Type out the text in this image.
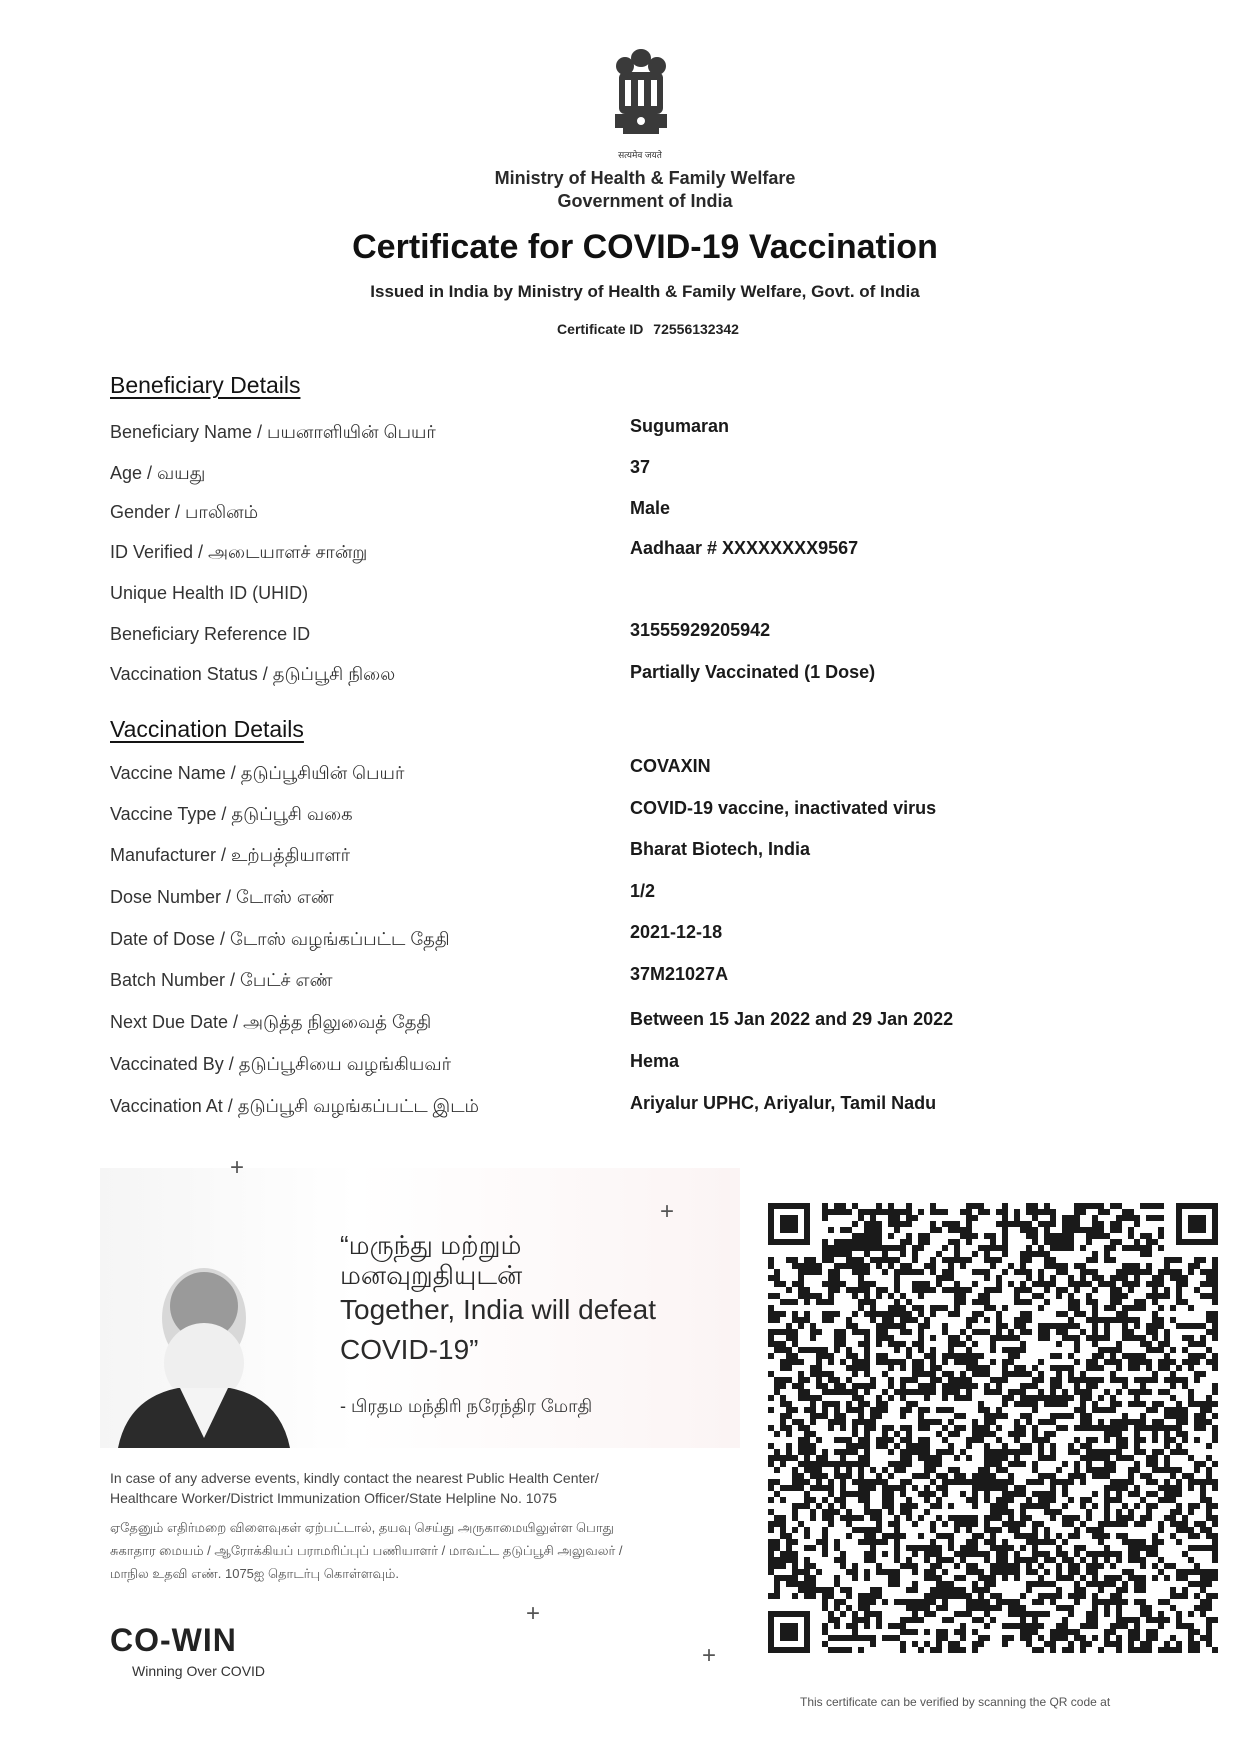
सत्यमेव जयते
Ministry of Health & Family Welfare
Government of India
Certificate for COVID-19 Vaccination
Issued in India by Ministry of Health & Family Welfare, Govt. of India
Certificate ID 72556132342
Beneficiary Details
Beneficiary Name / பயனாளியின் பெயர்	Sugumaran
Age / வயது	37
Gender / பாலினம்	Male
ID Verified / அடையாளச் சான்று	Aadhaar # XXXXXXXX9567
Unique Health ID (UHID)
Beneficiary Reference ID	31555929205942
Vaccination Status / தடுப்பூசி நிலை	Partially Vaccinated (1 Dose)
Vaccination Details
Vaccine Name / தடுப்பூசியின் பெயர்	COVAXIN
Vaccine Type / தடுப்பூசி வகை	COVID-19 vaccine, inactivated virus
Manufacturer / உற்பத்தியாளர்	Bharat Biotech, India
Dose Number / டோஸ் எண்	1/2
Date of Dose / டோஸ் வழங்கப்பட்ட தேதி	2021-12-18
Batch Number / பேட்ச் எண்	37M21027A
Next Due Date / அடுத்த நிலுவைத் தேதி	Between 15 Jan 2022 and 29 Jan 2022
Vaccinated By / தடுப்பூசியை வழங்கியவர்	Hema
Vaccination At / தடுப்பூசி வழங்கப்பட்ட இடம்	Ariyalur UPHC, Ariyalur, Tamil Nadu
“மருந்து மற்றும்
மனவுறுதியுடன்
Together, India will defeat
COVID-19”
- பிரதம மந்திரி நரேந்திர மோதி
+
+
+
+
In case of any adverse events, kindly contact the nearest Public Health Center/
Healthcare Worker/District Immunization Officer/State Helpline No. 1075
ஏதேனும் எதிர்மறை விளைவுகள் ஏற்பட்டால், தயவு செய்து அருகாமையிலுள்ள பொது
சுகாதார மையம் / ஆரோக்கியப் பராமரிப்புப் பணியாளர் / மாவட்ட தடுப்பூசி அலுவலர் /
மாநில உதவி எண். 1075ஐ தொடர்பு கொள்ளவும்.
CO-WIN
Winning Over COVID
This certificate can be verified by scanning the QR code at
